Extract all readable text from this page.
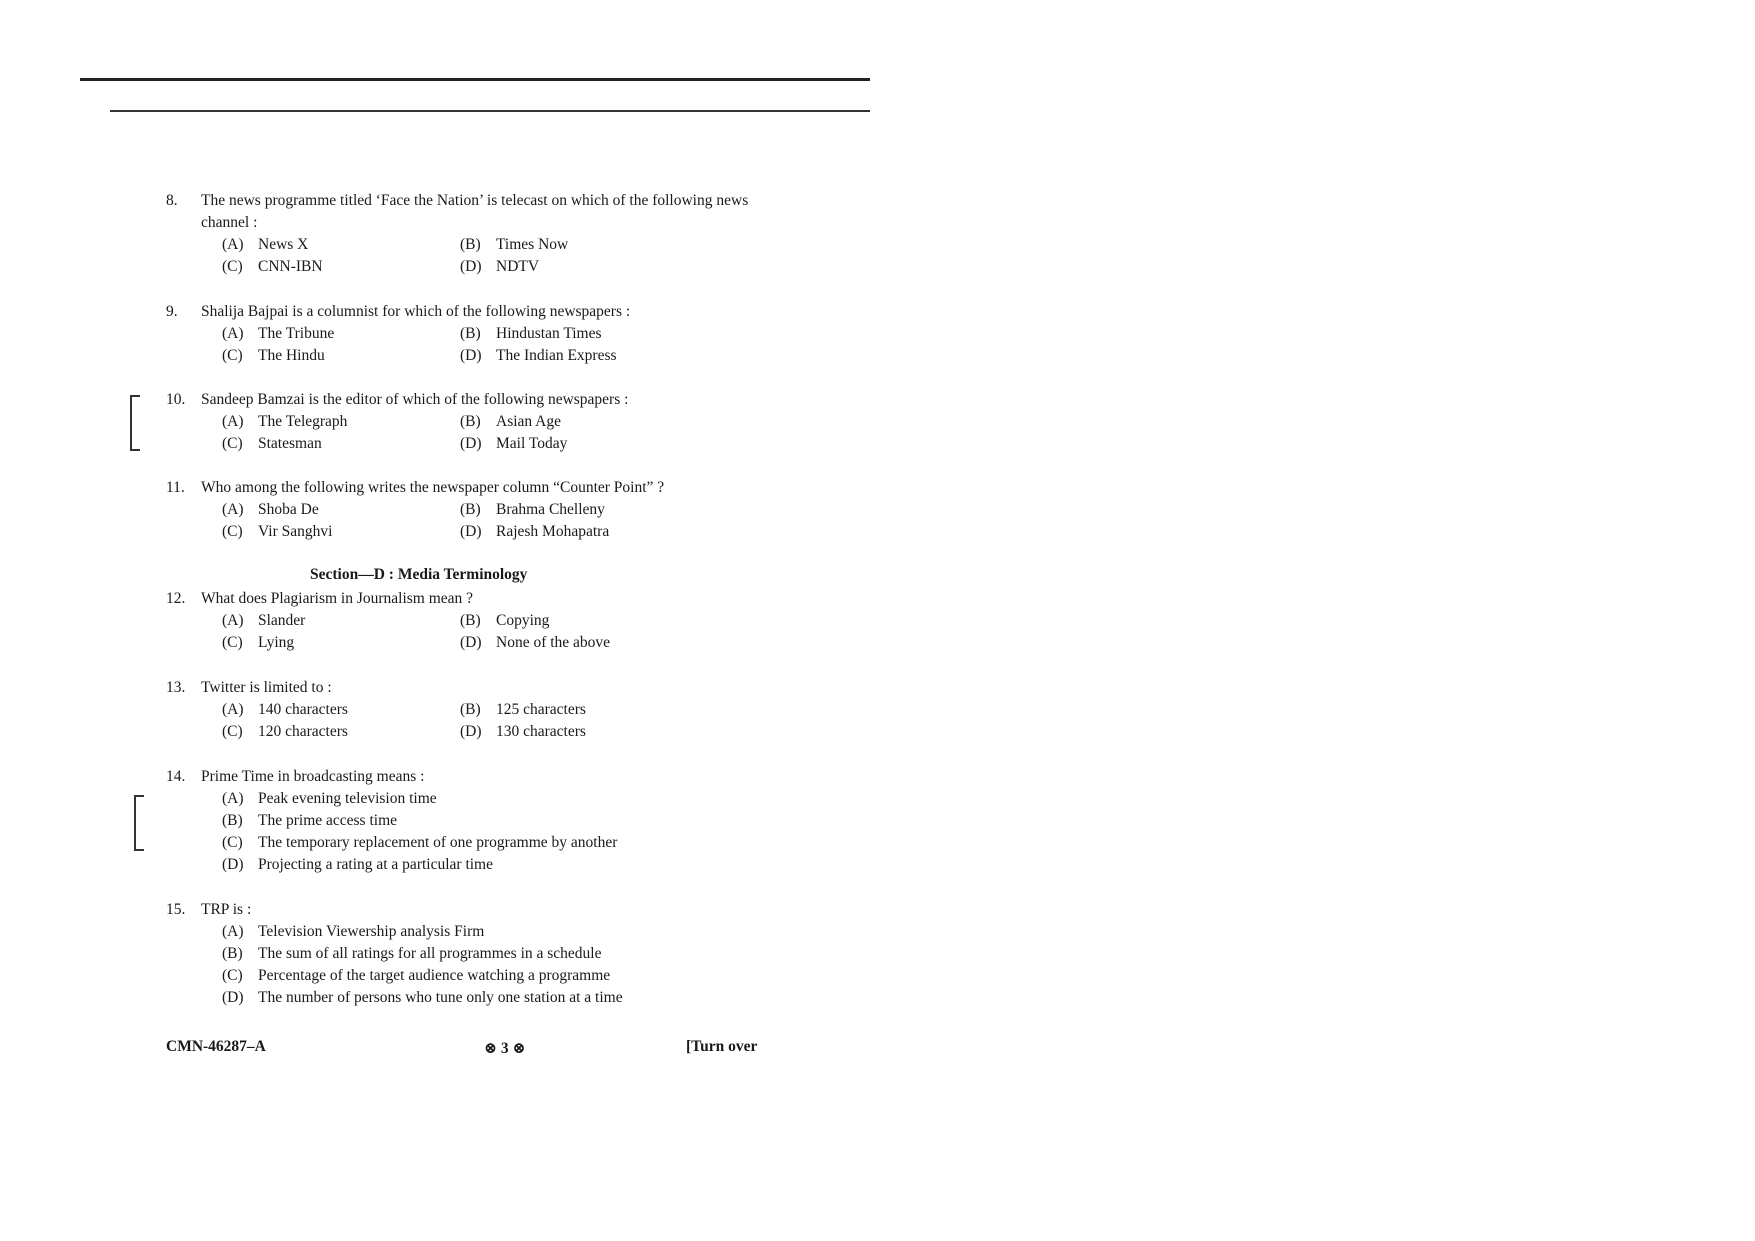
8.	The news programme titled ‘Face the Nation’ is telecast on which of the following news channel :
(A) News X	(B) Times Now
(C) CNN-IBN	(D) NDTV
9.	Shalija Bajpai is a columnist for which of the following newspapers :
(A) The Tribune	(B) Hindustan Times
(C) The Hindu	(D) The Indian Express
10.	Sandeep Bamzai is the editor of which of the following newspapers :
(A) The Telegraph	(B) Asian Age
(C) Statesman	(D) Mail Today
11.	Who among the following writes the newspaper column “Counter Point” ?
(A) Shoba De	(B) Brahma Chelleny
(C) Vir Sanghvi	(D) Rajesh Mohapatra
Section—D : Media Terminology
12.	What does Plagiarism in Journalism mean ?
(A) Slander	(B) Copying
(C) Lying	(D) None of the above
13.	Twitter is limited to :
(A) 140 characters	(B) 125 characters
(C) 120 characters	(D) 130 characters
14.	Prime Time in broadcasting means :
(A) Peak evening television time
(B) The prime access time
(C) The temporary replacement of one programme by another
(D) Projecting a rating at a particular time
15.	TRP is :
(A) Television Viewership analysis Firm
(B) The sum of all ratings for all programmes in a schedule
(C) Percentage of the target audience watching a programme
(D) The number of persons who tune only one station at a time
CMN-46287–A	⊗ 3 ⊗	[Turn over
